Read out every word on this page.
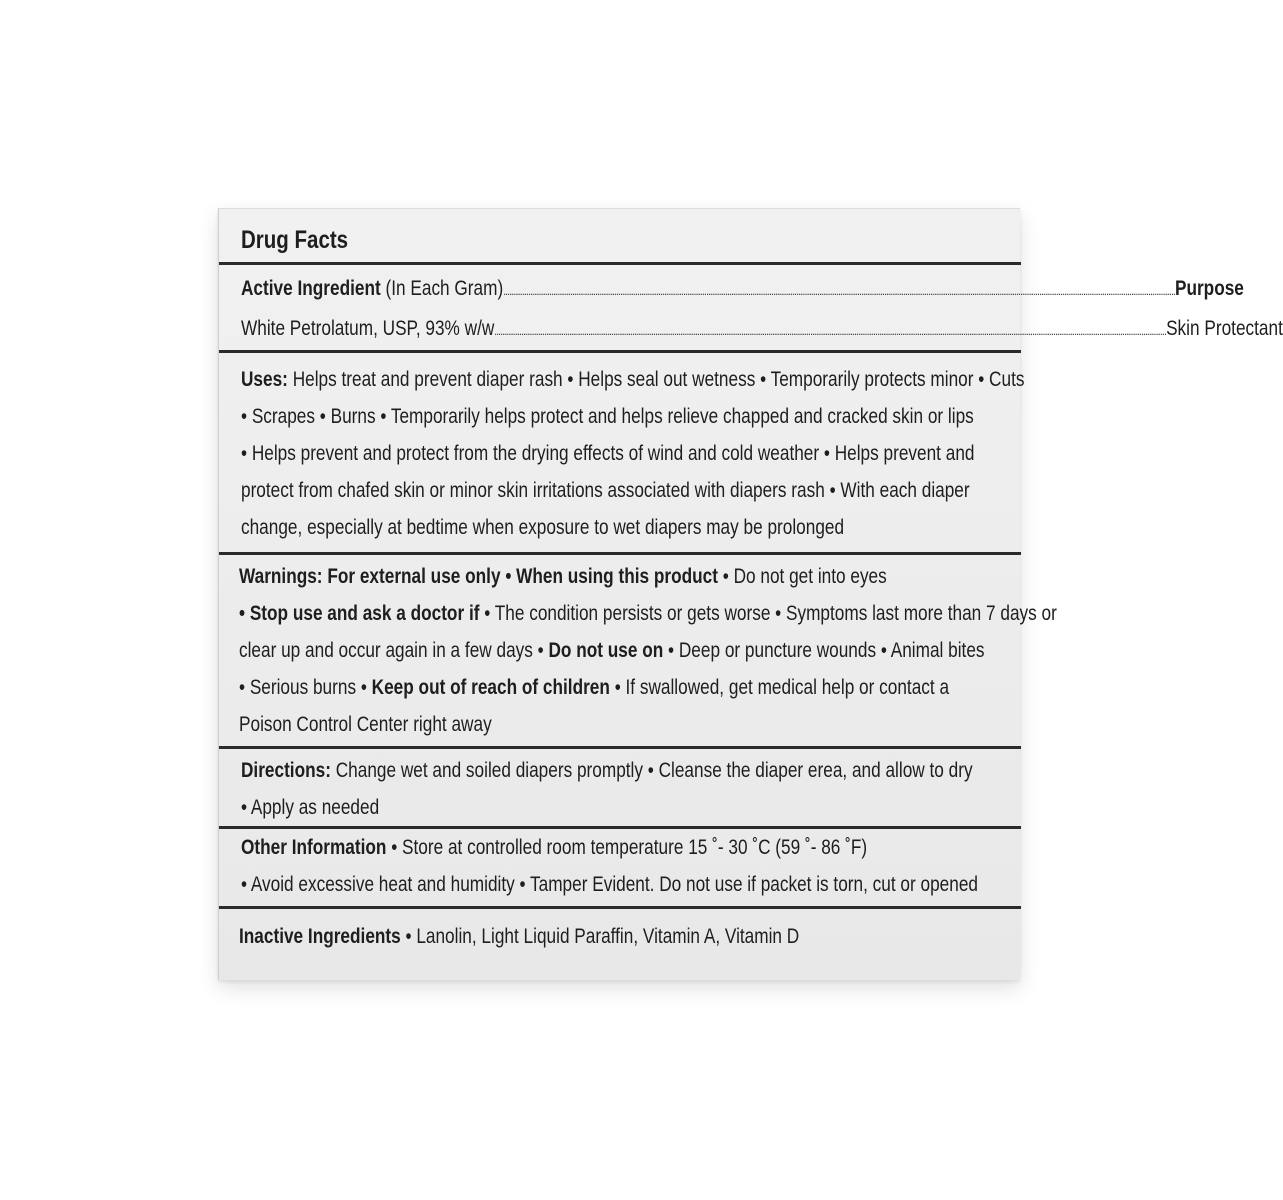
Drug Facts
Active Ingredient
(In Each Gram) ............................................................................................................................................................................................................................................................................................................................................................... Purpose
White Petrolatum, USP, 93% w/w ............................................................................................................................................................................................................................................................................................................................................................... Skin Protectant
Uses: Helps treat and prevent diaper rash • Helps seal out wetness • Temporarily protects minor • Cuts
• Scrapes • Burns • Temporarily helps protect and helps relieve chapped and cracked skin or lips
• Helps prevent and protect from the drying effects of wind and cold weather • Helps prevent and
protect from chafed skin or minor skin irritations associated with diapers rash • With each diaper
change, especially at bedtime when exposure to wet diapers may be prolonged
Warnings: For external use only • When using this product • Do not get into eyes
• Stop use and ask a doctor if • The condition persists or gets worse • Symptoms last more than 7 days or
clear up and occur again in a few days • Do not use on • Deep or puncture wounds • Animal bites
• Serious burns • Keep out of reach of children • If swallowed, get medical help or contact a
Poison Control Center right away
Directions: Change wet and soiled diapers promptly • Cleanse the diaper erea, and allow to dry
• Apply as needed
Other Information • Store at controlled room temperature 15 ˚- 30 ˚C (59 ˚- 86 ˚F)
• Avoid excessive heat and humidity • Tamper Evident. Do not use if packet is torn, cut or opened
Inactive Ingredients • Lanolin, Light Liquid Paraffin, Vitamin A, Vitamin D
